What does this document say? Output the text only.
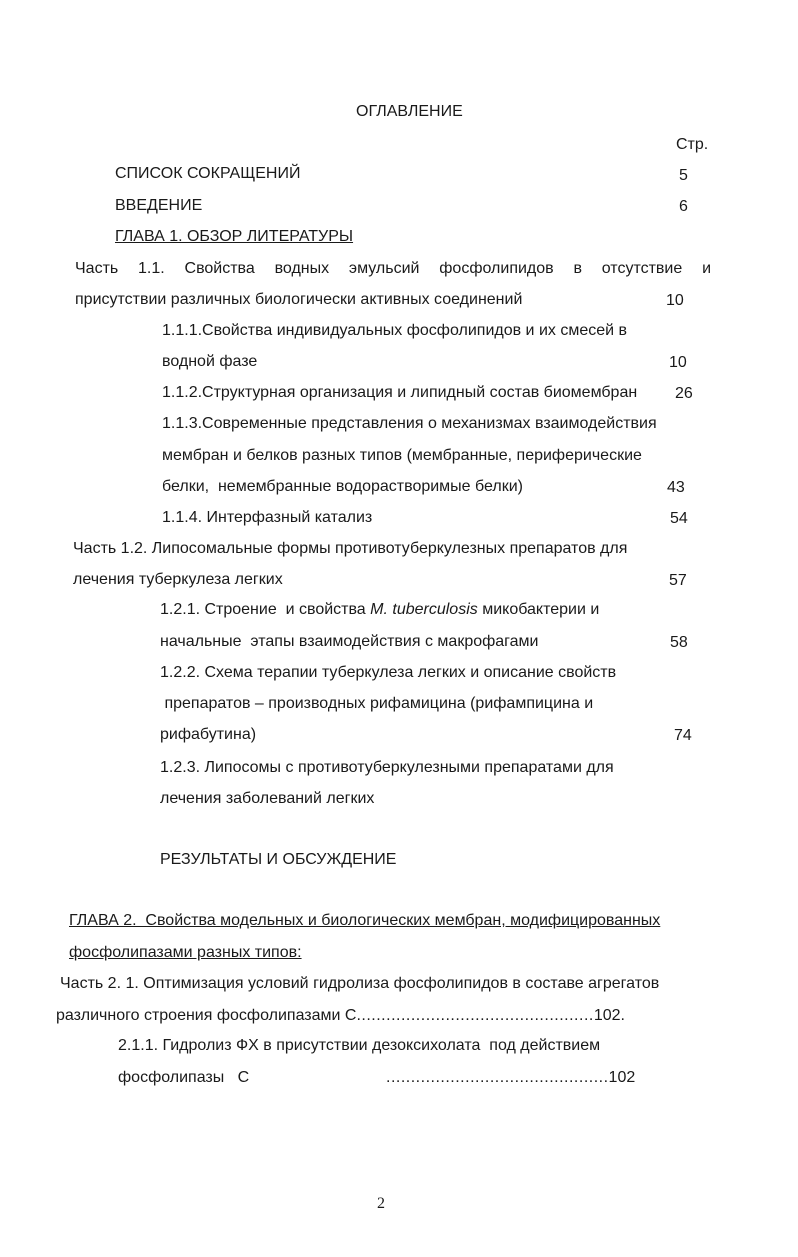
ОГЛАВЛЕНИЕ
Стр.
СПИСОК СОКРАЩЕНИЙ	5
ВВЕДЕНИЕ	6
ГЛАВА 1. ОБЗОР ЛИТЕРАТУРЫ
Часть 1.1. Свойства водных эмульсий фосфолипидов в отсутствие и
присутствии различных биологически активных соединений	10
1.1.1.Свойства индивидуальных фосфолипидов и их смесей в
водной фазе	10
1.1.2.Структурная организация и липидный состав биомембран 26
1.1.3.Современные представления о механизмах взаимодействия
мембран и белков разных типов (мембранные, периферические
белки,  немембранные водорастворимые белки)	43
1.1.4. Интерфазный катализ	54
Часть 1.2. Липосомальные формы противотуберкулезных препаратов для
лечения туберкулеза легких	57
1.2.1. Строение  и свойства M. tuberculosis микобактерии и
начальные  этапы взаимодействия с макрофагами	58
1.2.2. Схема терапии туберкулеза легких и описание свойств
препаратов – производных рифамицина (рифампицина и
рифабутина)	74
1.2.3. Липосомы с противотуберкулезными препаратами для
лечения заболеваний легких
РЕЗУЛЬТАТЫ И ОБСУЖДЕНИЕ
ГЛАВА 2.  Свойства модельных и биологических мембран, модифицированных
фосфолипазами разных типов:
Часть 2. 1. Оптимизация условий гидролиза фосфолипидов в составе агрегатов
различного строения фосфолипазами С................................................102.
2.1.1. Гидролиз ФХ в присутствии дезоксихолата  под действием
фосфолипазы   С	.............................................102
2
